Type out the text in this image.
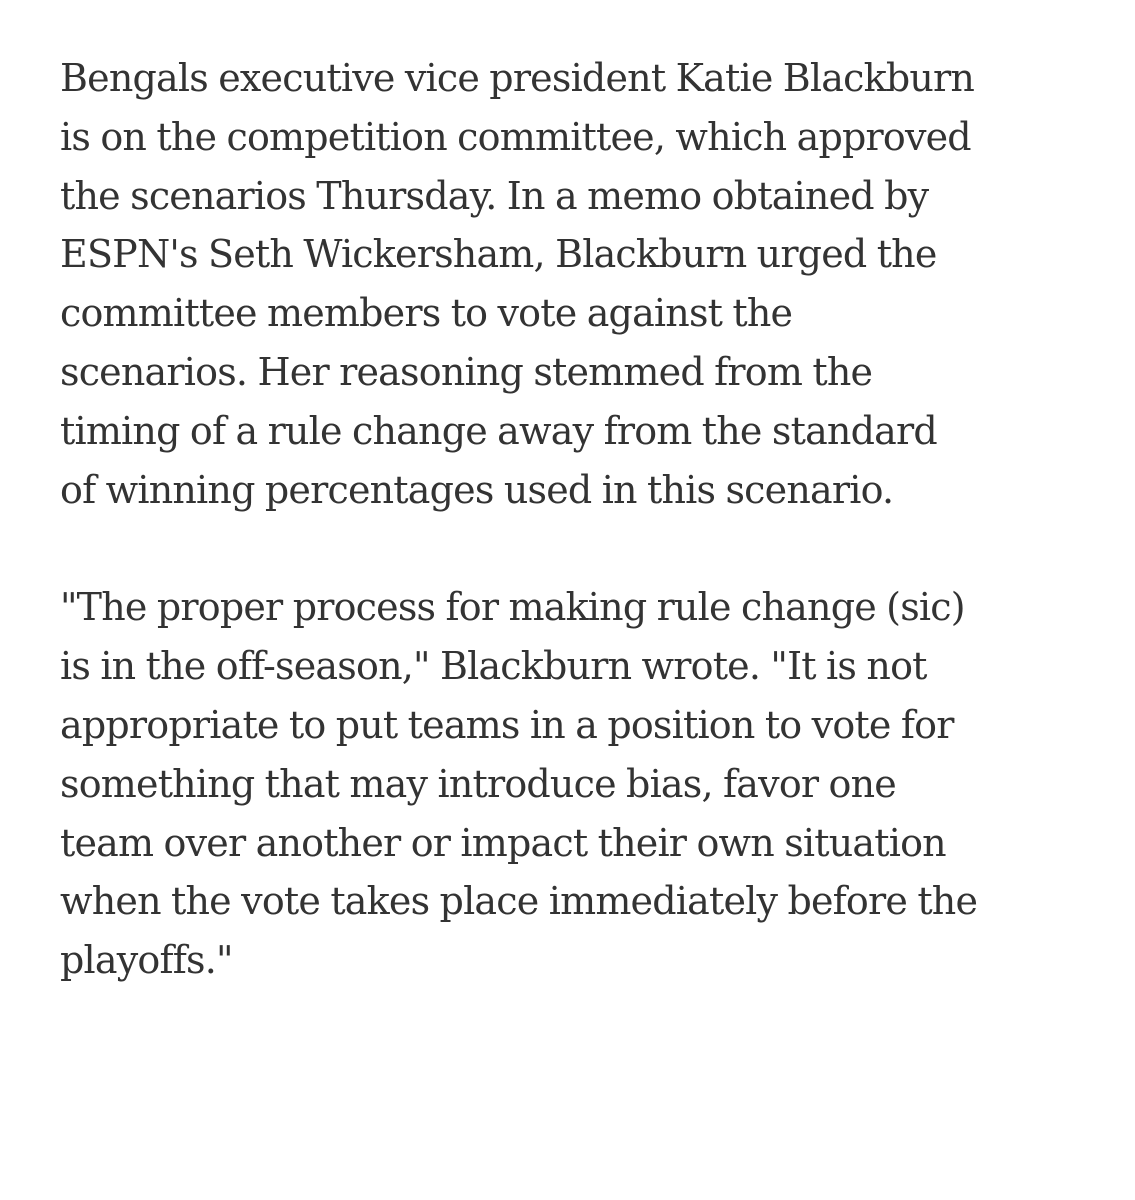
Bengals executive vice president Katie Blackburn
is on the competition committee, which approved
the scenarios Thursday. In a memo obtained by
ESPN's Seth Wickersham, Blackburn urged the
committee members to vote against the
scenarios. Her reasoning stemmed from the
timing of a rule change away from the standard
of winning percentages used in this scenario.

"The proper process for making rule change (sic)
is in the off-season," Blackburn wrote. "It is not
appropriate to put teams in a position to vote for
something that may introduce bias, favor one
team over another or impact their own situation
when the vote takes place immediately before the
playoffs."
